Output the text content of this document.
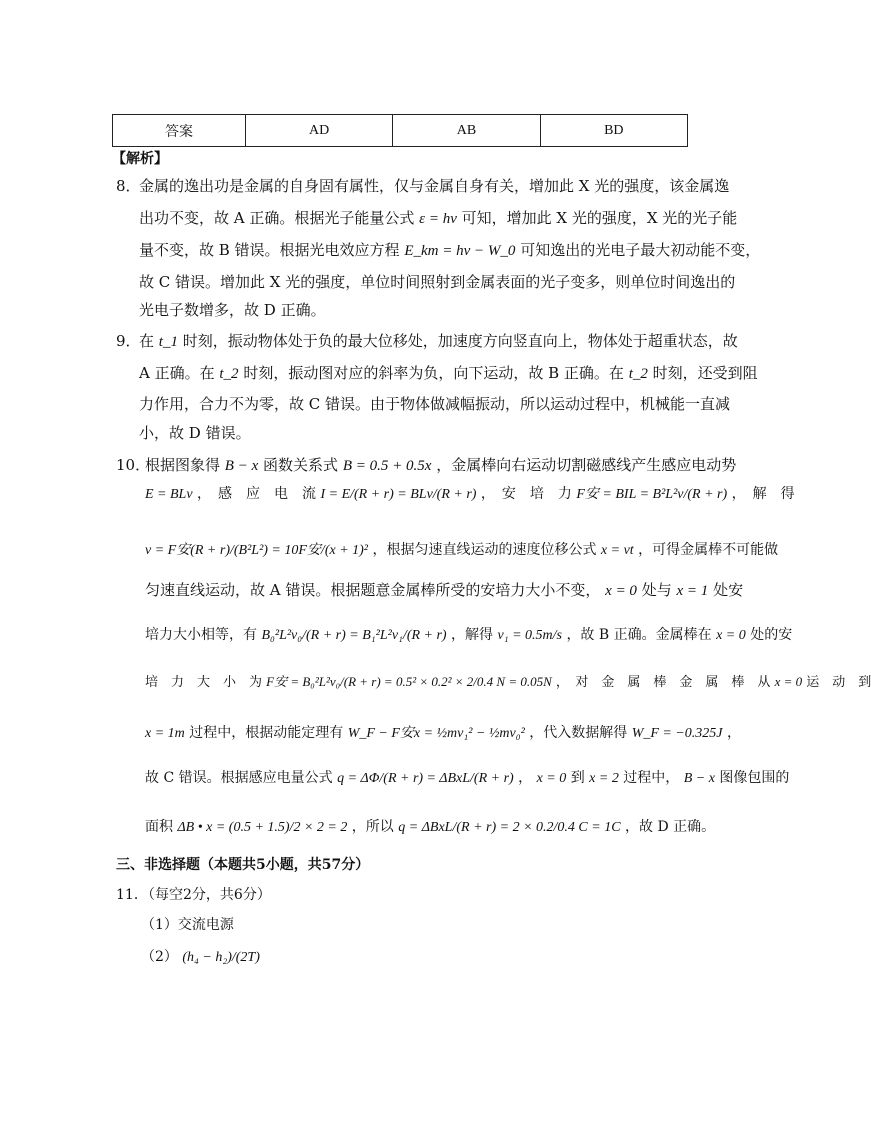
答案	AD	AB	BD
【解析】
8．
金属的逸出功是金属的自身固有属性，仅与金属自身有关，增加此 X 光的强度，该金属逸
出功不变，故 A 正确。根据光子能量公式 ε = hν 可知，增加此 X 光的强度，X 光的光子能
量不变，故 B 错误。根据光电效应方程 E_km = hν − W_0 可知逸出的光电子最大初动能不变，
故 C 错误。增加此 X 光的强度，单位时间照射到金属表面的光子变多，则单位时间逸出的
光电子数增多，故 D 正确。
9．
在 t_1 时刻，振动物体处于负的最大位移处，加速度方向竖直向上，物体处于超重状态，故
A 正确。在 t_2 时刻，振动图对应的斜率为负，向下运动，故 B 正确。在 t_2 时刻，还受到阻
力作用，合力不为零，故 C 错误。由于物体做减幅振动，所以运动过程中，机械能一直减
小，故 D 错误。
10．
根据图象得 B − x 函数关系式 B = 0.5 + 0.5x ，金属棒向右运动切割磁感线产生感应电动势
E = BLv ，　感　应　电　流 I = E/(R + r) = BLv/(R + r) ，　安　培　力 F安 = BIL = B²L²v/(R + r) ，　解　得
v = F安(R + r)/(B²L²) = 10F安/(x + 1)² ，根据匀速直线运动的速度位移公式 x = vt ，可得金属棒不可能做
匀速直线运动，故 A 错误。根据题意金属棒所受的安培力大小不变， x = 0 处与 x = 1 处安
培力大小相等，有 B₀²L²v₀/(R + r) = B₁²L²v₁/(R + r) ，解得 v₁ = 0.5m/s ，故 B 正确。金属棒在 x = 0 处的安
培　力　大　小　为 F安 = B₀²L²v₀/(R + r) = 0.5² × 0.2² × 2/0.4 N = 0.05N ，　对　金　属　棒　金　属　棒　从 x = 0 运　动　到
x = 1m 过程中，根据动能定理有 W_F − F安x = ½mv₁² − ½mv₀² ，代入数据解得 W_F = −0.325J ，
故 C 错误。根据感应电量公式 q = ΔΦ/(R + r) = ΔBxL/(R + r) ， x = 0 到 x = 2 过程中， B − x 图像包围的
面积 ΔB • x = (0.5 + 1.5)/2 × 2 = 2 ，所以 q = ΔBxL/(R + r) = 2 × 0.2/0.4 C = 1C ，故 D 正确。
三、非选择题（本题共5小题，共57分）
11．
（每空2分，共6分）
（1）交流电源
（2） (h₄ − h₂)/(2T)
